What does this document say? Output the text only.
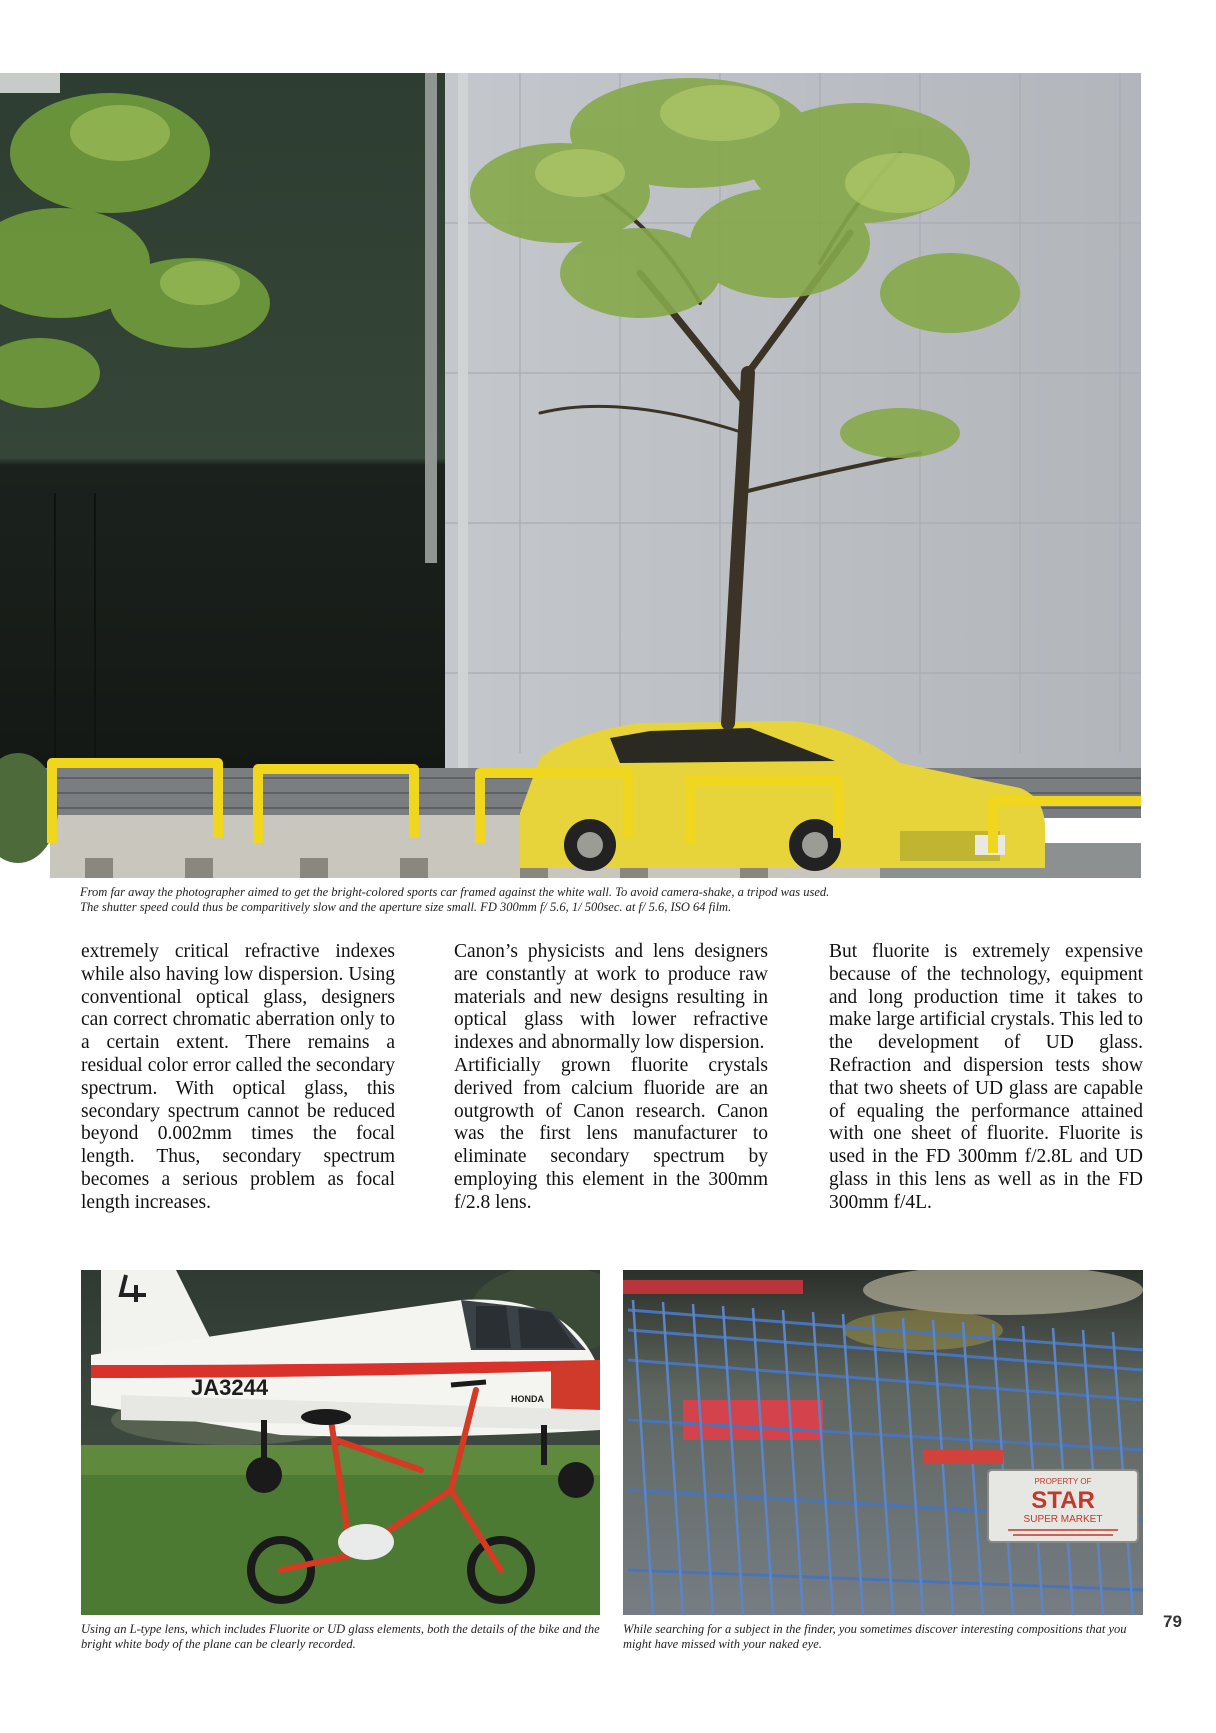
From far away the photographer aimed to get the bright-colored sports car framed against the white wall. To avoid camera-shake, a tripod was used.
The shutter speed could thus be comparitively slow and the aperture size small. FD 300mm f/ 5.6, 1/ 500sec. at f/ 5.6, ISO 64 film.

extremely critical refractive indexes while also having low dispersion. Using conventional optical glass, designers can correct chromatic aberration only to a certain extent. There remains a residual color error called the secondary spectrum. With optical glass, this secondary spectrum cannot be reduced beyond 0.002mm times the focal length. Thus, secondary spectrum becomes a serious problem as focal length increases.

Canon’s physicists and lens designers are constantly at work to produce raw materials and new designs resulting in optical glass with lower refractive indexes and abnormally low dispersion.

Artificially grown fluorite crystals derived from calcium fluoride are an outgrowth of Canon research. Canon was the first lens manufacturer to eliminate secondary spectrum by employing this element in the 300mm f/2.8 lens.

But fluorite is extremely expensive because of the technology, equipment and long production time it takes to make large artificial crystals. This led to the development of UD glass. Refraction and dispersion tests show that two sheets of UD glass are capable of equaling the performance attained with one sheet of fluorite. Fluorite is used in the FD 300mm f/2.8L and UD glass in this lens as well as in the FD 300mm f/4L.

JA3244	HONDA
Using an L-type lens, which includes Fluorite or UD glass elements, both the details of the bike and the bright white body of the plane can be clearly recorded.
PROPERTY OF
STAR
SUPER MARKET
While searching for a subject in the finder, you sometimes discover interesting compositions that you might have missed with your naked eye.
79
